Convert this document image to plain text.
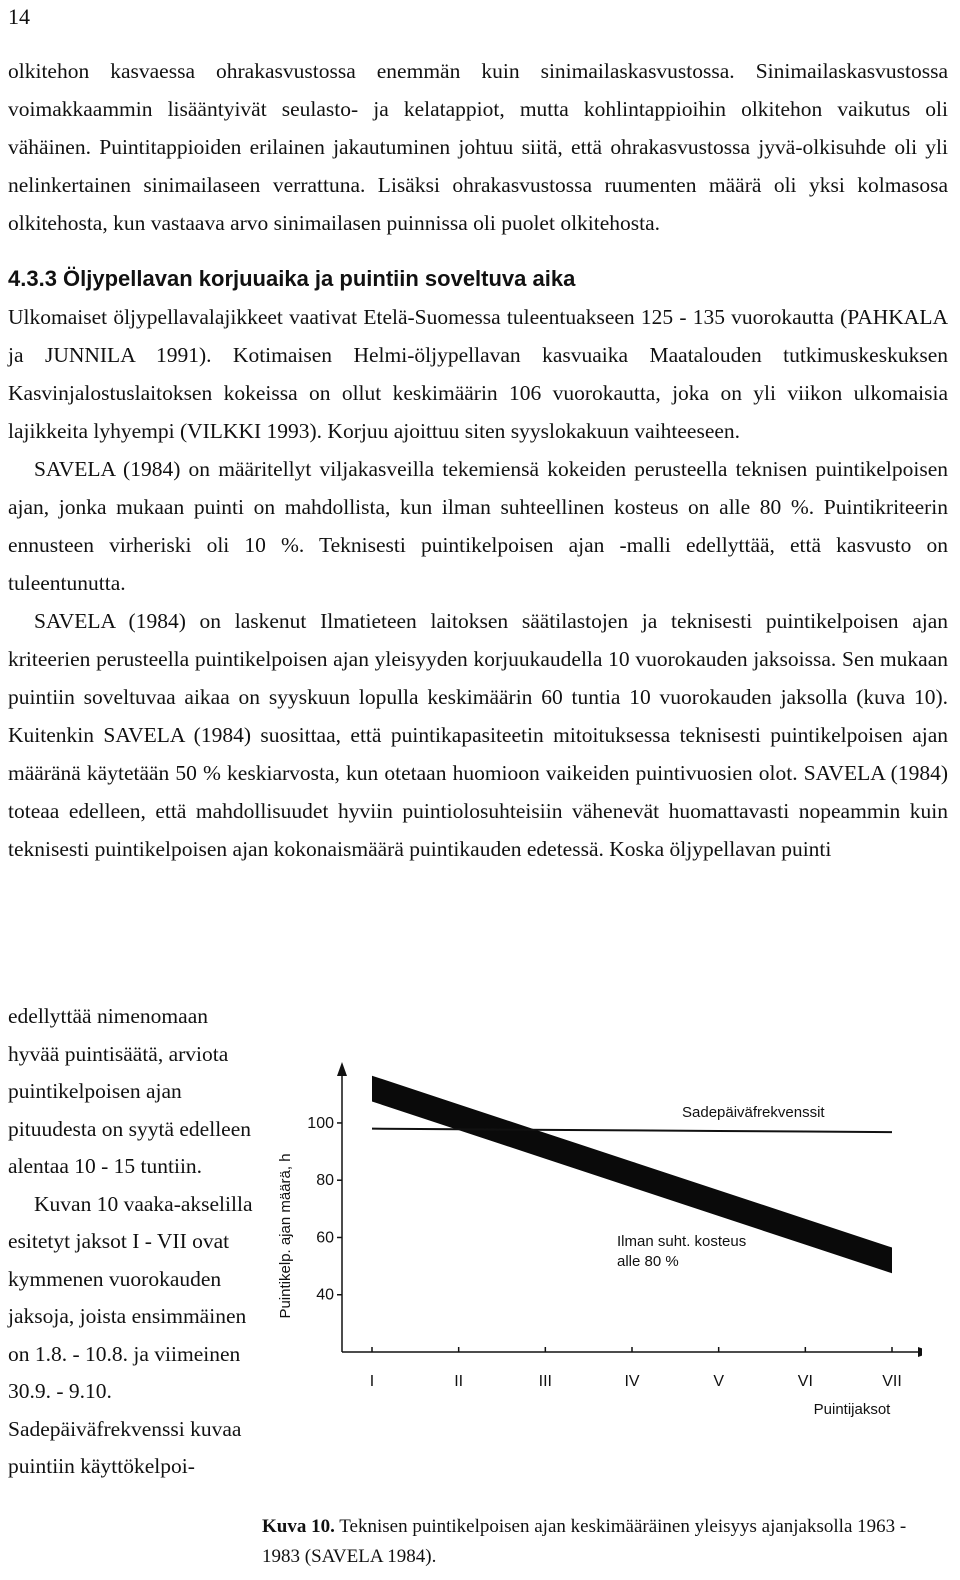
14

olkitehon kasvaessa ohrakasvustossa enemmän kuin sinimailaskasvustossa. Sinimailaskasvustossa voimakkaammin lisääntyivät seulasto- ja kelatappiot, mutta kohlintappioihin olkitehon vaikutus oli vähäinen. Puintitappioiden erilainen jakautuminen johtuu siitä, että ohrakasvustossa jyvä-olkisuhde oli yli nelinkertainen sinimailaseen verrattuna. Lisäksi ohrakasvustossa ruumenten määrä oli yksi kolmasosa olkitehosta, kun vastaava arvo sinimailasen puinnissa oli puolet olkitehosta.

4.3.3 Öljypellavan korjuuaika ja puintiin soveltuva aika

Ulkomaiset öljypellavalajikkeet vaativat Etelä-Suomessa tuleentuakseen 125 - 135 vuorokautta (PAHKALA ja JUNNILA 1991). Kotimaisen Helmi-öljypellavan kasvuaika Maatalouden tutkimuskeskuksen Kasvinjalostuslaitoksen kokeissa on ollut keskimäärin 106 vuorokautta, joka on yli viikon ulkomaisia lajikkeita lyhyempi (VILKKI 1993). Korjuu ajoittuu siten syyslokakuun vaihteeseen.

SAVELA (1984) on määritellyt viljakasveilla tekemiensä kokeiden perusteella teknisen puintikelpoisen ajan, jonka mukaan puinti on mahdollista, kun ilman suhteellinen kosteus on alle 80 %. Puintikriteerin ennusteen virheriski oli 10 %. Teknisesti puintikelpoisen ajan -malli edellyttää, että kasvusto on tuleentunutta.

SAVELA (1984) on laskenut Ilmatieteen laitoksen säätilastojen ja teknisesti puintikelpoisen ajan kriteerien perusteella puintikelpoisen ajan yleisyyden korjuukaudella 10 vuorokauden jaksoissa. Sen mukaan puintiin soveltuvaa aikaa on syyskuun lopulla keskimäärin 60 tuntia 10 vuorokauden jaksolla (kuva 10). Kuitenkin SAVELA (1984) suosittaa, että puintikapasiteetin mitoituksessa teknisesti puintikelpoisen ajan määränä käytetään 50 % keskiarvosta, kun otetaan huomioon vaikeiden puintivuosien olot. SAVELA (1984) toteaa edelleen, että mahdollisuudet hyviin puintiolosuhteisiin vähenevät huomattavasti nopeammin kuin teknisesti puintikelpoisen ajan kokonaismäärä puintikauden edetessä. Koska öljypellavan puinti

edellyttää nimenomaan hyvää puintisäätä, arviota puintikelpoisen ajan pituudesta on syytä edelleen alentaa 10 - 15 tuntiin.

Kuvan 10 vaaka-akselilla esitetyt jaksot I - VII ovat kymmenen vuorokauden jaksoja, joista ensimmäinen on 1.8. - 10.8. ja viimeinen 30.9. - 9.10. Sadepäiväfrekvenssi kuvaa puintiin käyttökelpoi-

100
80
60
40
I	II	III	IV	V	VI	VII
Sadepäiväfrekvenssit
Ilman suht. kosteus
alle 80 %
Puintikelp. ajan määrä, h
Puintijaksot
Kuva 10. Teknisen puintikelpoisen ajan keskimääräinen yleisyys ajanjaksolla 1963 - 1983 (SAVELA 1984).
